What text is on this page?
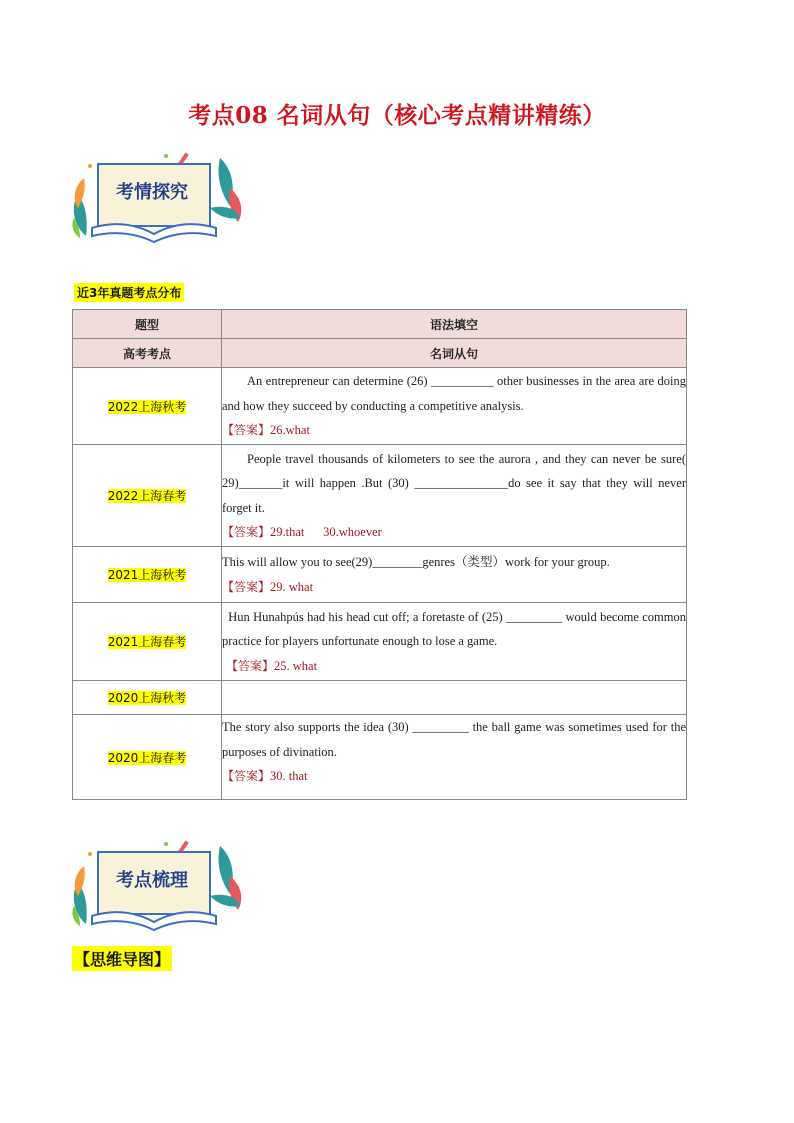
考点08 名词从句（核心考点精讲精练）
考情探究
近3年真题考点分布
题型	语法填空
高考考点	名词从句
2022上海秋考	An entrepreneur can determine (26) __________ other businesses in the area are doing and how they succeed by conducting a competitive analysis.
【答案】26.what

2022上海春考	People travel thousands of kilometers to see the aurora , and they can never be sure( 29)_______it will happen .But (30) _______________do see it say that they will never forget it.
【答案】29.that      30.whoever

2021上海秋考	This will allow you to see(29)________genres（类型）work for your group.
【答案】29. what

2021上海春考	Hun Hunahpús had his head cut off; a foretaste of (25) _________ would become common practice for players unfortunate enough to lose a game.
【答案】25. what

2020上海秋考	

2020上海春考	The story also supports the idea (30) _________ the ball game was sometimes used for the purposes of divination.
【答案】30. that
考点梳理
【思维导图】
